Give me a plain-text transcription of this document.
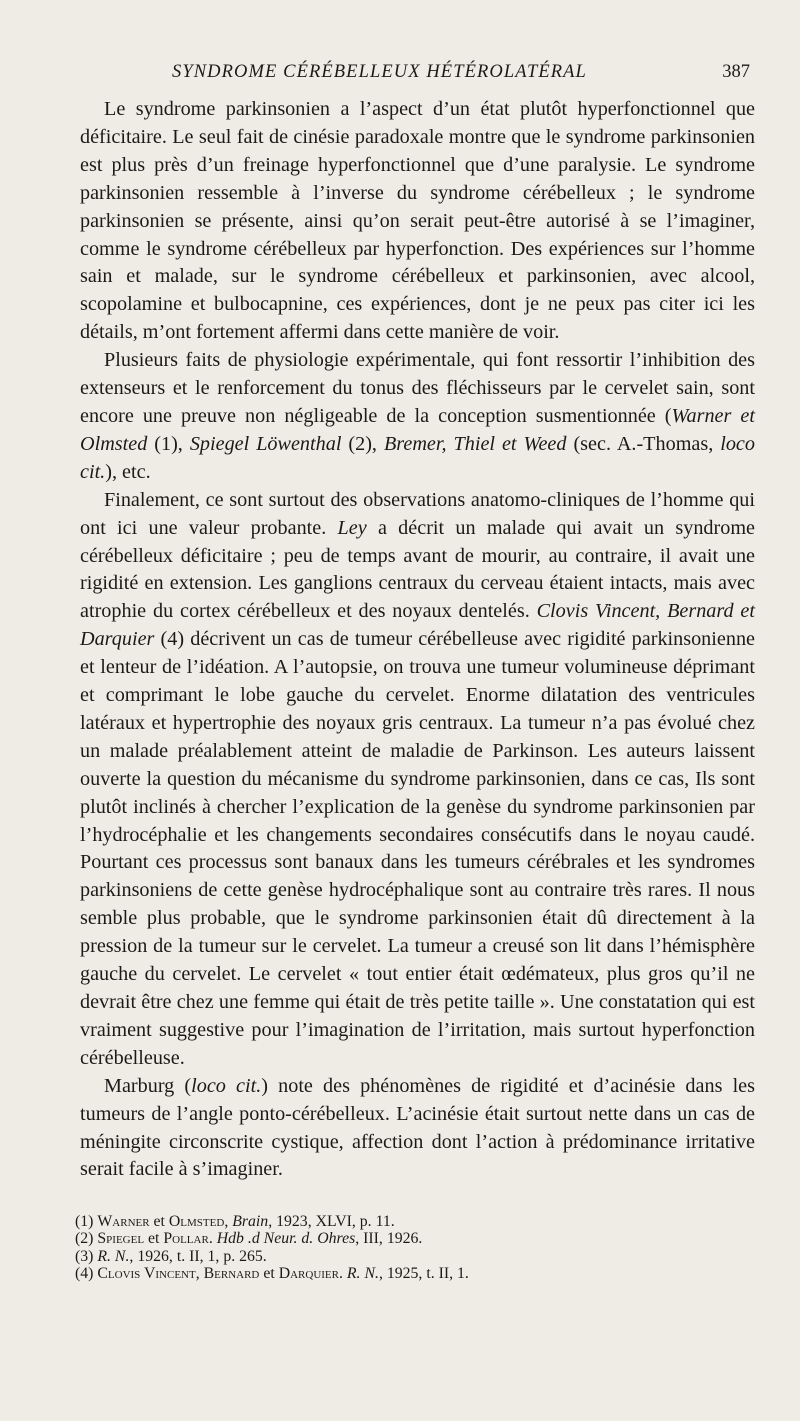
SYNDROME CÉRÉBELLEUX HÉTÉROLATÉRAL	387

Le syndrome parkinsonien a l’aspect d’un état plutôt hyperfonctionnel que déficitaire. Le seul fait de cinésie paradoxale montre que le syndrome parkinsonien est plus près d’un freinage hyperfonctionnel que d’une paralysie. Le syndrome parkinsonien ressemble à l’inverse du syndrome cérébelleux ; le syndrome parkinsonien se présente, ainsi qu’on serait peut-être autorisé à se l’imaginer, comme le syndrome cérébelleux par hyperfonction. Des expériences sur l’homme sain et malade, sur le syndrome cérébelleux et parkinsonien, avec alcool, scopolamine et bulbocapnine, ces expériences, dont je ne peux pas citer ici les détails, m’ont fortement affermi dans cette manière de voir.

Plusieurs faits de physiologie expérimentale, qui font ressortir l’inhibition des extenseurs et le renforcement du tonus des fléchisseurs par le cervelet sain, sont encore une preuve non négligeable de la conception susmentionnée (Warner et Olmsted (1), Spiegel Löwenthal (2), Bremer, Thiel et Weed (sec. A.-Thomas, loco cit.), etc.

Finalement, ce sont surtout des observations anatomo-cliniques de l’homme qui ont ici une valeur probante. Ley a décrit un malade qui avait un syndrome cérébelleux déficitaire ; peu de temps avant de mourir, au contraire, il avait une rigidité en extension. Les ganglions centraux du cerveau étaient intacts, mais avec atrophie du cortex cérébelleux et des noyaux dentelés. Clovis Vincent, Bernard et Darquier (4) décrivent un cas de tumeur cérébelleuse avec rigidité parkinsonienne et lenteur de l’idéation. A l’autopsie, on trouva une tumeur volumineuse déprimant et comprimant le lobe gauche du cervelet. Enorme dilatation des ventricules latéraux et hypertrophie des noyaux gris centraux. La tumeur n’a pas évolué chez un malade préalablement atteint de maladie de Parkinson. Les auteurs laissent ouverte la question du mécanisme du syndrome parkinsonien, dans ce cas, Ils sont plutôt inclinés à chercher l’explication de la genèse du syndrome parkinsonien par l’hydrocéphalie et les changements secondaires consécutifs dans le noyau caudé. Pourtant ces processus sont banaux dans les tumeurs cérébrales et les syndromes parkinsoniens de cette genèse hydrocéphalique sont au contraire très rares. Il nous semble plus probable, que le syndrome parkinsonien était dû directement à la pression de la tumeur sur le cervelet. La tumeur a creusé son lit dans l’hémisphère gauche du cervelet. Le cervelet « tout entier était œdémateux, plus gros qu’il ne devrait être chez une femme qui était de très petite taille ». Une constatation qui est vraiment suggestive pour l’imagination de l’irritation, mais surtout hyperfonction cérébelleuse.

Marburg (loco cit.) note des phénomènes de rigidité et d’acinésie dans les tumeurs de l’angle ponto-cérébelleux. L’acinésie était surtout nette dans un cas de méningite circonscrite cystique, affection dont l’action à prédominance irritative serait facile à s’imaginer.

(1) Warner et Olmsted, Brain, 1923, XLVI, p. 11.

(2) Spiegel et Pollar. Hdb .d Neur. d. Ohres, III, 1926.

(3) R. N., 1926, t. II, 1, p. 265.

(4) Clovis Vincent, Bernard et Darquier. R. N., 1925, t. II, 1.
